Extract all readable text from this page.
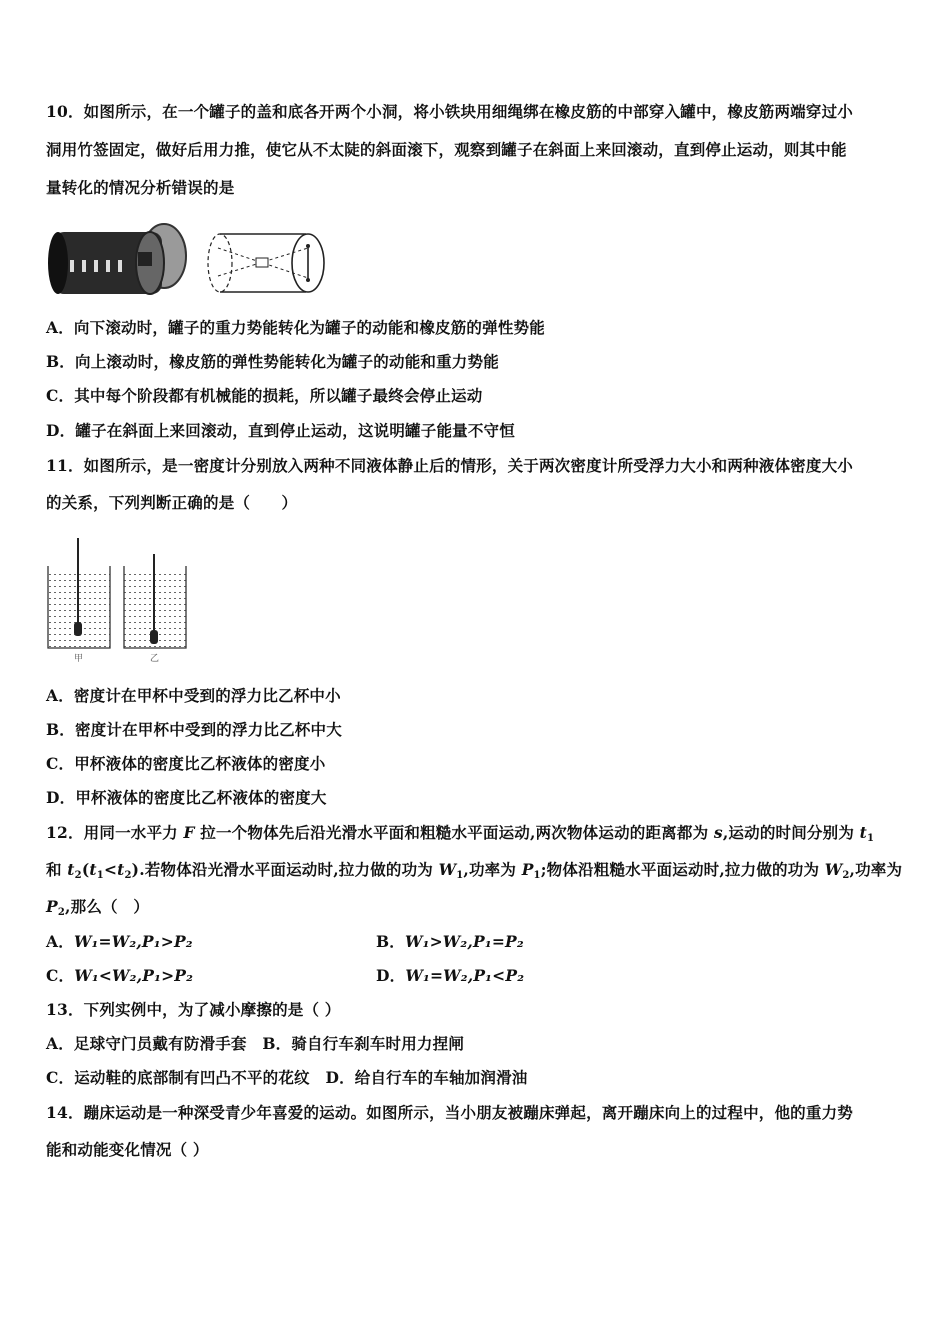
10．如图所示，在一个罐子的盖和底各开两个小洞，将小铁块用细绳绑在橡皮筋的中部穿入罐中，橡皮筋两端穿过小
洞用竹签固定，做好后用力推，使它从不太陡的斜面滚下，观察到罐子在斜面上来回滚动，直到停止运动，则其中能
量转化的情况分析错误的是
A．向下滚动时，罐子的重力势能转化为罐子的动能和橡皮筋的弹性势能
B．向上滚动时，橡皮筋的弹性势能转化为罐子的动能和重力势能
C．其中每个阶段都有机械能的损耗，所以罐子最终会停止运动
D．罐子在斜面上来回滚动，直到停止运动，这说明罐子能量不守恒
11．如图所示，是一密度计分别放入两种不同液体静止后的情形，关于两次密度计所受浮力大小和两种液体密度大小
的关系，下列判断正确的是（　　）
甲	乙
A．密度计在甲杯中受到的浮力比乙杯中小
B．密度计在甲杯中受到的浮力比乙杯中大
C．甲杯液体的密度比乙杯液体的密度小
D．甲杯液体的密度比乙杯液体的密度大
12．用同一水平力 F 拉一个物体先后沿光滑水平面和粗糙水平面运动,两次物体运动的距离都为 s,运动的时间分别为 $t_1$
和 $t_2(t_1<t_2)$.若物体沿光滑水平面运动时,拉力做的功为 $W_1$,功率为 $P_1$;物体沿粗糙水平面运动时,拉力做的功为 $W_2$,功率为
$P_2$,那么（　）
A．W₁=W₂,P₁>P₂	B．W₁>W₂,P₁=P₂
C．W₁<W₂,P₁>P₂	D．W₁=W₂,P₁<P₂
13．下列实例中，为了减小摩擦的是（ ）
A．足球守门员戴有防滑手套　B．骑自行车刹车时用力捏闸
C．运动鞋的底部制有凹凸不平的花纹　D．给自行车的车轴加润滑油
14．蹦床运动是一种深受青少年喜爱的运动。如图所示，当小朋友被蹦床弹起，离开蹦床向上的过程中，他的重力势
能和动能变化情况（ ）
